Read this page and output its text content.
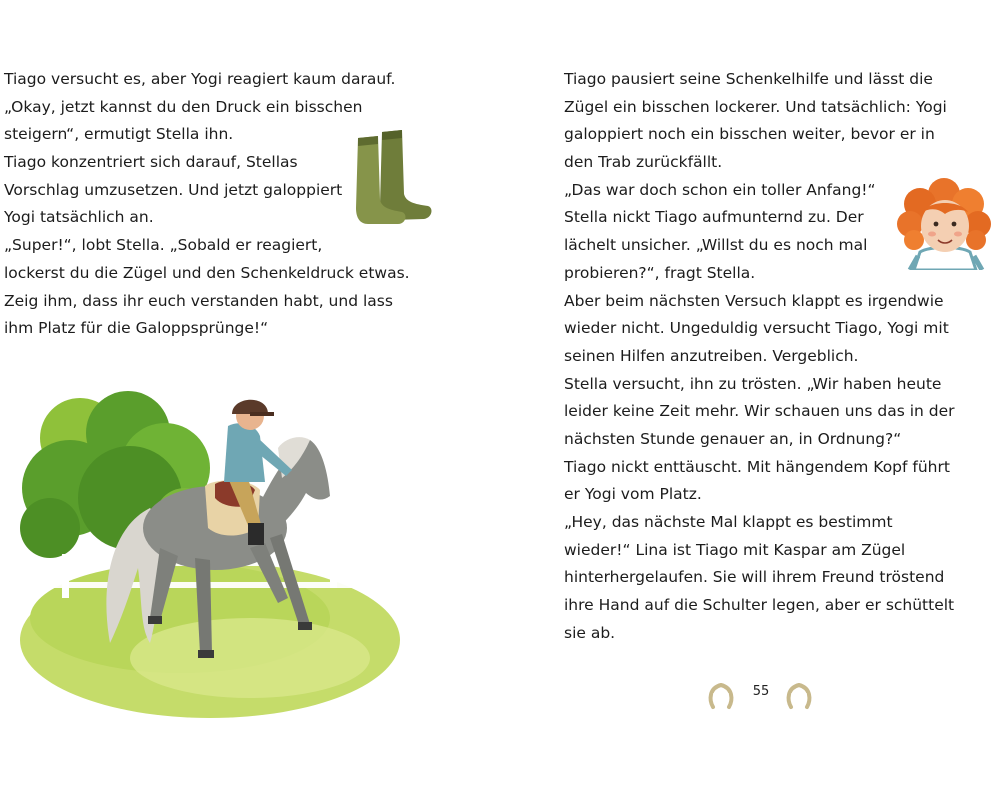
Tiago versucht es, aber Yogi reagiert kaum darauf.
„Okay, jetzt kannst du den Druck ein bisschen
steigern“, ermutigt Stella ihn.
Tiago konzentriert sich darauf, Stellas
Vorschlag umzusetzen. Und jetzt galoppiert
Yogi tatsächlich an.
„Super!“, lobt Stella. „Sobald er reagiert,
lockerst du die Zügel und den Schenkeldruck etwas.
Zeig ihm, dass ihr euch verstanden habt, und lass
ihm Platz für die Galoppsprünge!“
Tiago pausiert seine Schenkelhilfe und lässt die
Zügel ein bisschen lockerer. Und tatsächlich: Yogi
galoppiert noch ein bisschen weiter, bevor er in
den Trab zurückfällt.
„Das war doch schon ein toller Anfang!“
Stella nickt Tiago aufmunternd zu. Der
lächelt unsicher. „Willst du es noch mal
probieren?“, fragt Stella.
Aber beim nächsten Versuch klappt es irgendwie
wieder nicht. Ungeduldig versucht Tiago, Yogi mit
seinen Hilfen anzutreiben. Vergeblich.
Stella versucht, ihn zu trösten. „Wir haben heute
leider keine Zeit mehr. Wir schauen uns das in der
nächsten Stunde genauer an, in Ordnung?“
Tiago nickt enttäuscht. Mit hängendem Kopf führt
er Yogi vom Platz.
„Hey, das nächste Mal klappt es bestimmt
wieder!“ Lina ist Tiago mit Kaspar am Zügel
hinterhergelaufen. Sie will ihrem Freund tröstend
ihre Hand auf die Schulter legen, aber er schüttelt
sie ab.
55
